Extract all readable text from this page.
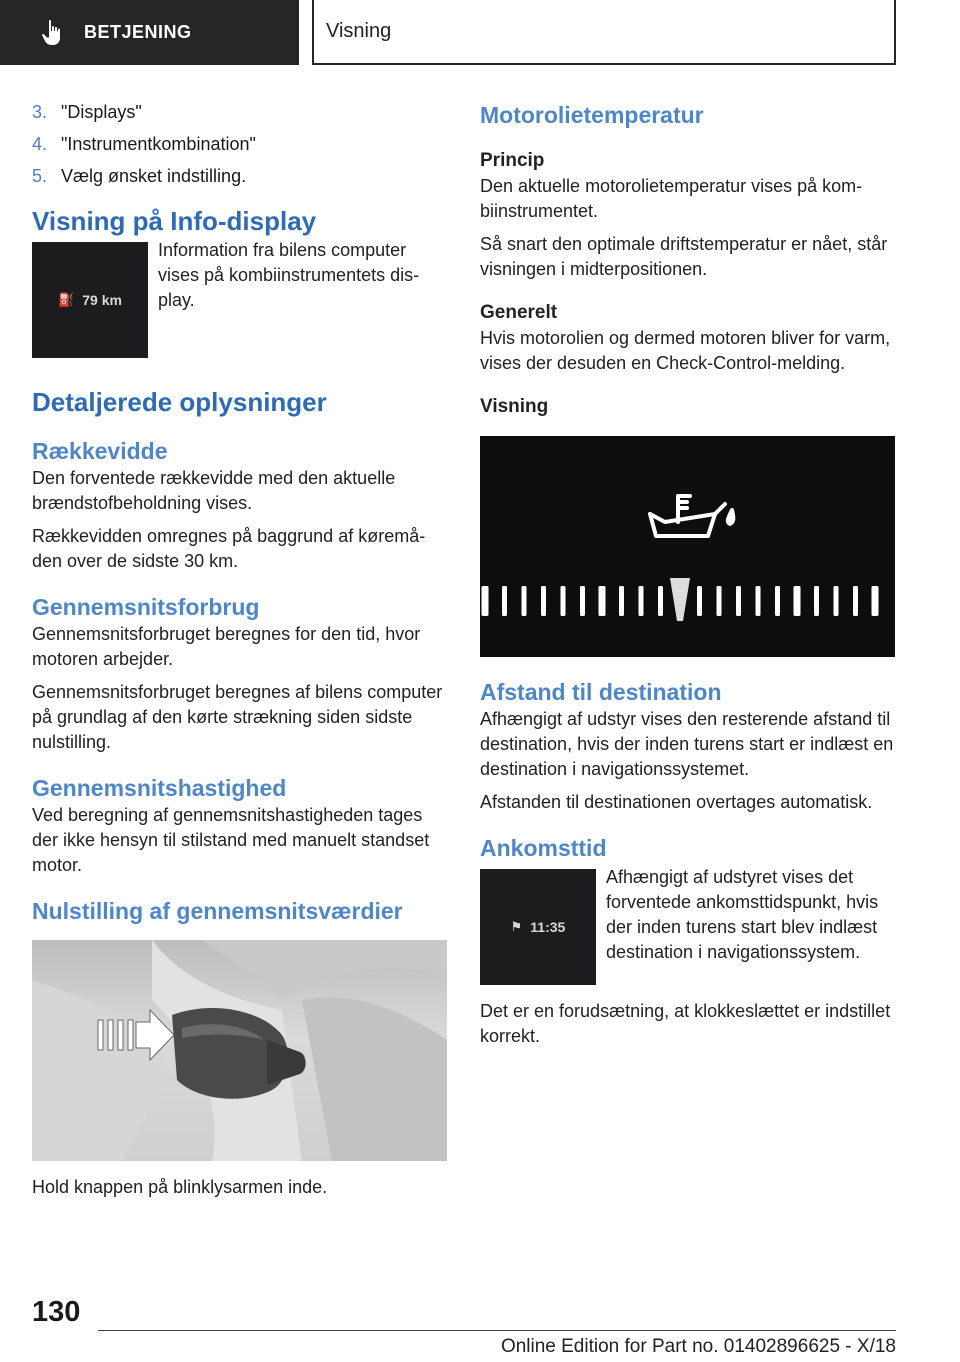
BETJENING	Visning
3. "Displays"
4. "Instrumentkombination"
5. Vælg ønsket indstilling.
Visning på Info-display
⛽ 79 km
Information fra bilens computer vises på kombiinstrumentets display.
Detaljerede oplysninger
Rækkevidde
Den forventede rækkevidde med den aktuelle brændstofbeholdning vises.
Rækkevidden omregnes på baggrund af køremåden over de sidste 30 km.
Gennemsnitsforbrug
Gennemsnitsforbruget beregnes for den tid, hvor motoren arbejder.
Gennemsnitsforbruget beregnes af bilens computer på grundlag af den kørte strækning siden sidste nulstilling.
Gennemsnitshastighed
Ved beregning af gennemsnitshastigheden tages der ikke hensyn til stilstand med manuelt standset motor.
Nulstilling af gennemsnitsværdier
Hold knappen på blinklysarmen inde.
Motorolietemperatur
Princip
Den aktuelle motorolietemperatur vises på kombiinstrumentet.
Så snart den optimale driftstemperatur er nået, står visningen i midterpositionen.
Generelt
Hvis motorolien og dermed motoren bliver for varm, vises der desuden en Check-Control-melding.
Visning
Afstand til destination
Afhængigt af udstyr vises den resterende afstand til destination, hvis der inden turens start er indlæst en destination i navigationssystemet.
Afstanden til destinationen overtages automatisk.
Ankomsttid
⚑ 11:35
Afhængigt af udstyret vises det forventede ankomsttidspunkt, hvis der inden turens start blev indlæst destination i navigationssystem.
Det er en forudsætning, at klokkeslættet er indstillet korrekt.
130
Online Edition for Part no. 01402896625 - X/18
